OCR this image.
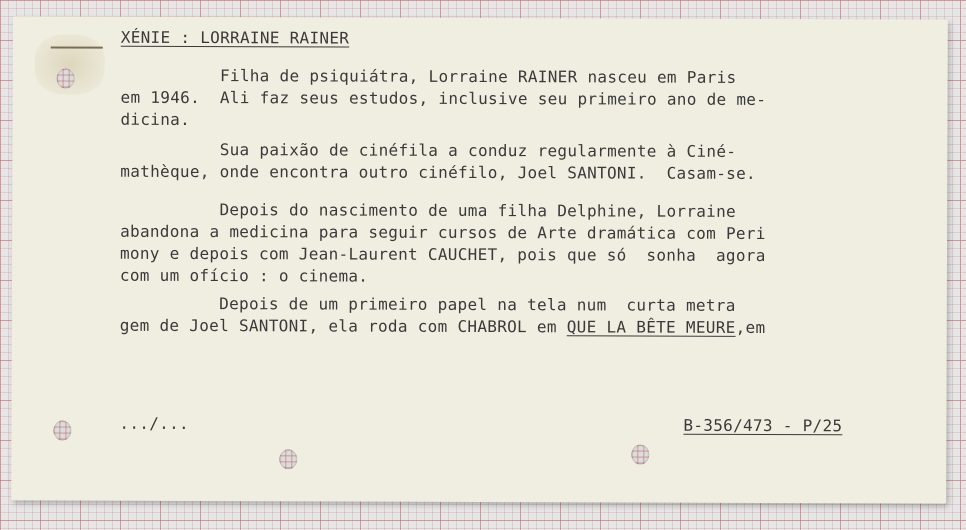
XÉNIE : LORRAINE RAINER
Filha de psiquiátra, Lorraine RAINER nasceu em Paris
em 1946.  Ali faz seus estudos, inclusive seu primeiro ano de me-
dicina.
Sua paixão de cinéfila a conduz regularmente à Ciné-
mathèque, onde encontra outro cinéfilo, Joel SANTONI.  Casam-se.
Depois do nascimento de uma filha Delphine, Lorraine
abandona a medicina para seguir cursos de Arte dramática com Peri
mony e depois com Jean-Laurent CAUCHET, pois que só  sonha  agora
com um ofício : o cinema.
Depois de um primeiro papel na tela num  curta metra
gem de Joel SANTONI, ela roda com CHABROL em QUE LA BÊTE MEURE,em
.../...	B-356/473 - P/25
